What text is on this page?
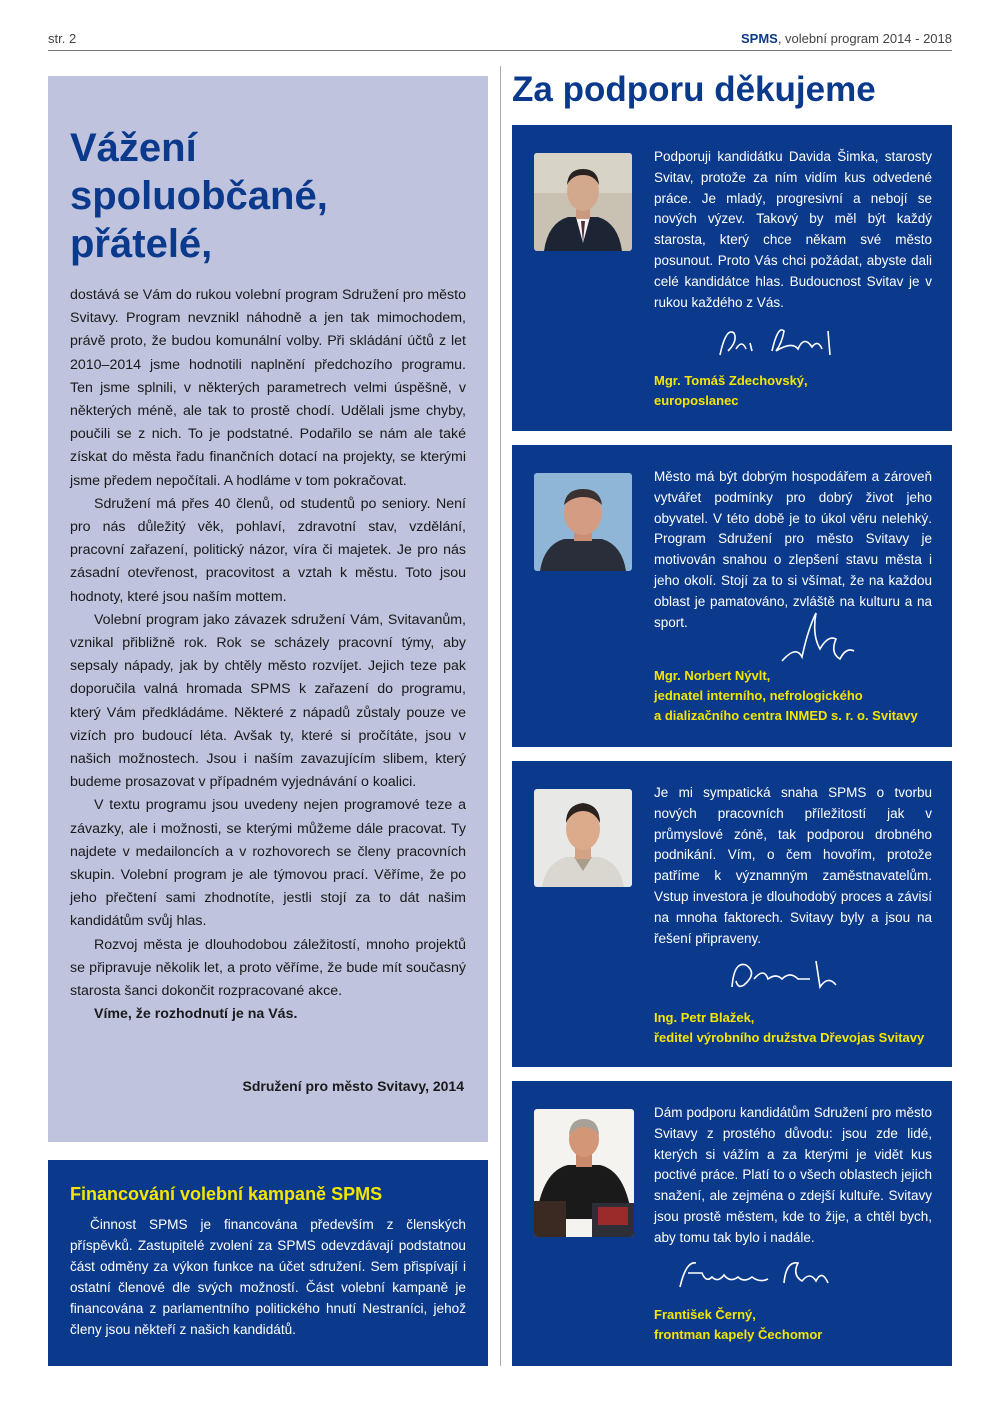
str. 2	SPMS, volební program 2014 - 2018
Vážení
spoluobčané,
přátelé,

dostává se Vám do rukou volební program Sdružení pro město Svitavy. Program nevznikl náhodně a jen tak mimochodem, právě proto, že budou komunální volby. Při skládání účtů z let 2010–2014 jsme hodnotili naplnění předchozího programu. Ten jsme splnili, v některých parametrech velmi úspěšně, v některých méně, ale tak to prostě chodí. Udělali jsme chyby, poučili se z nich. To je podstatné. Podařilo se nám ale také získat do města řadu finančních dotací na projekty, se kterými jsme předem nepočítali. A hodláme v tom pokračovat.

Sdružení má přes 40 členů, od studentů po seniory. Není pro nás důležitý věk, pohlaví, zdravotní stav, vzdělání, pracovní zařazení, politický názor, víra či majetek. Je pro nás zásadní otevřenost, pracovitost a vztah k městu. Toto jsou hodnoty, které jsou naším mottem.

Volební program jako závazek sdružení Vám, Svitavanům, vznikal přibližně rok. Rok se scházely pracovní týmy, aby sepsaly nápady, jak by chtěly město rozvíjet. Jejich teze pak doporučila valná hromada SPMS k zařazení do programu, který Vám předkládáme. Některé z nápadů zůstaly pouze ve vizích pro budoucí léta. Avšak ty, které si pročítáte, jsou v našich možnostech. Jsou i naším zavazujícím slibem, který budeme prosazovat v případném vyjednávání o koalici.

V textu programu jsou uvedeny nejen programové teze a závazky, ale i možnosti, se kterými můžeme dále pracovat. Ty najdete v medailoncích a v rozhovorech se členy pracovních skupin. Volební program je ale týmovou prací. Věříme, že po jeho přečtení sami zhodnotíte, jestli stojí za to dát našim kandidátům svůj hlas.

Rozvoj města je dlouhodobou záležitostí, mnoho projektů se připravuje několik let, a proto věříme, že bude mít současný starosta šanci dokončit rozpracované akce.

Víme, že rozhodnutí je na Vás.

Sdružení pro město Svitavy, 2014
Financování volební kampaně SPMS

Činnost SPMS je financována především z členských příspěvků. Zastupitelé zvolení za SPMS odevzdávají podstatnou část odměny za výkon funkce na účet sdružení. Sem přispívají i ostatní členové dle svých možností. Část volební kampaně je financována z parlamentního politického hnutí Nestraníci, jehož členy jsou někteří z našich kandidátů.

Za podporu děkujeme

Podporuji kandidátku Davida Šimka, starosty Svitav, protože za ním vidím kus odvedené práce. Je mladý, progresivní a nebojí se nových výzev. Takový by měl být každý starosta, který chce někam své město posunout. Proto Vás chci požádat, abyste dali celé kandidátce hlas. Budoucnost Svitav je v rukou každého z Vás.

Mgr. Tomáš Zdechovský,
europoslanec

Město má být dobrým hospodářem a zároveň vytvářet podmínky pro dobrý život jeho obyvatel. V této době je to úkol věru nelehký. Program Sdružení pro město Svitavy je motivován snahou o zlepšení stavu města i jeho okolí. Stojí za to si všímat, že na každou oblast je pamatováno, zvláště na kulturu a na sport.

Mgr. Norbert Nývlt,
jednatel interního, nefrologického
a dializačního centra INMED s. r. o. Svitavy

Je mi sympatická snaha SPMS o tvorbu nových pracovních příležitostí jak v průmyslové zóně, tak podporou drobného podnikání. Vím, o čem hovořím, protože patříme k významným zaměstnavatelům. Vstup investora je dlouhodobý proces a závisí na mnoha faktorech. Svitavy byly a jsou na řešení připraveny.

Ing. Petr Blažek,
ředitel výrobního družstva Dřevojas Svitavy

Dám podporu kandidátům Sdružení pro město Svitavy z prostého důvodu: jsou zde lidé, kterých si vážím a za kterými je vidět kus poctivé práce. Platí to o všech oblastech jejich snažení, ale zejména o zdejší kultuře. Svitavy jsou prostě městem, kde to žije, a chtěl bych, aby tomu tak bylo i nadále.

František Černý,
frontman kapely Čechomor
